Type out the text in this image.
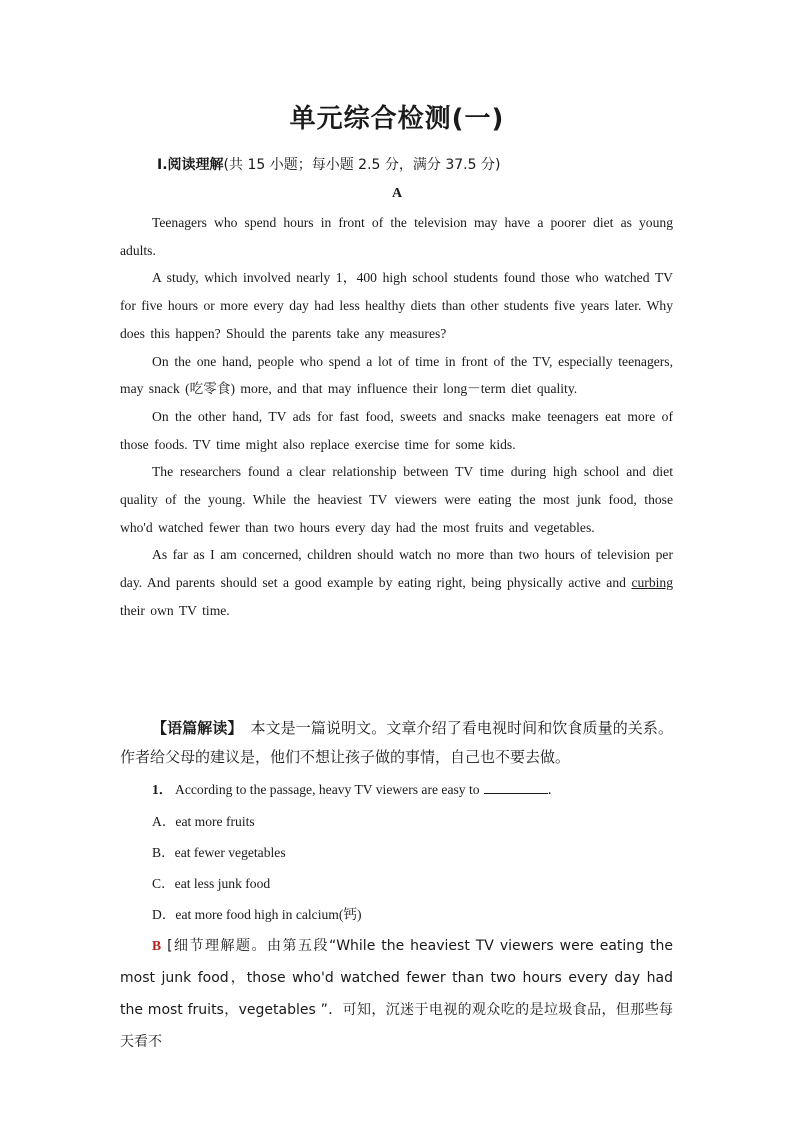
单元综合检测(一)
Ⅰ.阅读理解(共 15 小题；每小题 2.5 分，满分 37.5 分)
A

Teenagers who spend hours in front of the television may have a poorer diet as young adults.

A study, which involved nearly 1，400 high school students found those who watched TV for five hours or more every day had less healthy diets than other students five years later. Why does this happen? Should the parents take any measures?

On the one hand, people who spend a lot of time in front of the TV, especially teenagers, may snack (吃零食) more, and that may influence their long－term diet quality.

On the other hand, TV ads for fast food, sweets and snacks make teenagers eat more of those foods. TV time might also replace exercise time for some kids.

The researchers found a clear relationship between TV time during high school and diet quality of the young. While the heaviest TV viewers were eating the most junk food, those who'd watched fewer than two hours every day had the most fruits and vegetables.

As far as I am concerned, children should watch no more than two hours of television per day. And parents should set a good example by eating right, being physically active and curbing their own TV time.

【语篇解读】 本文是一篇说明文。文章介绍了看电视时间和饮食质量的关系。作者给父母的建议是，他们不想让孩子做的事情，自己也不要去做。
1． According to the passage, heavy TV viewers are easy to	．
A．eat more fruits
B．eat fewer vegetables
C．eat less junk food
D．eat more food high in calcium(钙)
B [细节理解题。由第五段“While the heaviest TV viewers were eating the most junk food，those who'd watched fewer than two hours every day had the most fruits，vegetables ”．可知，沉迷于电视的观众吃的是垃圾食品，但那些每天看不
